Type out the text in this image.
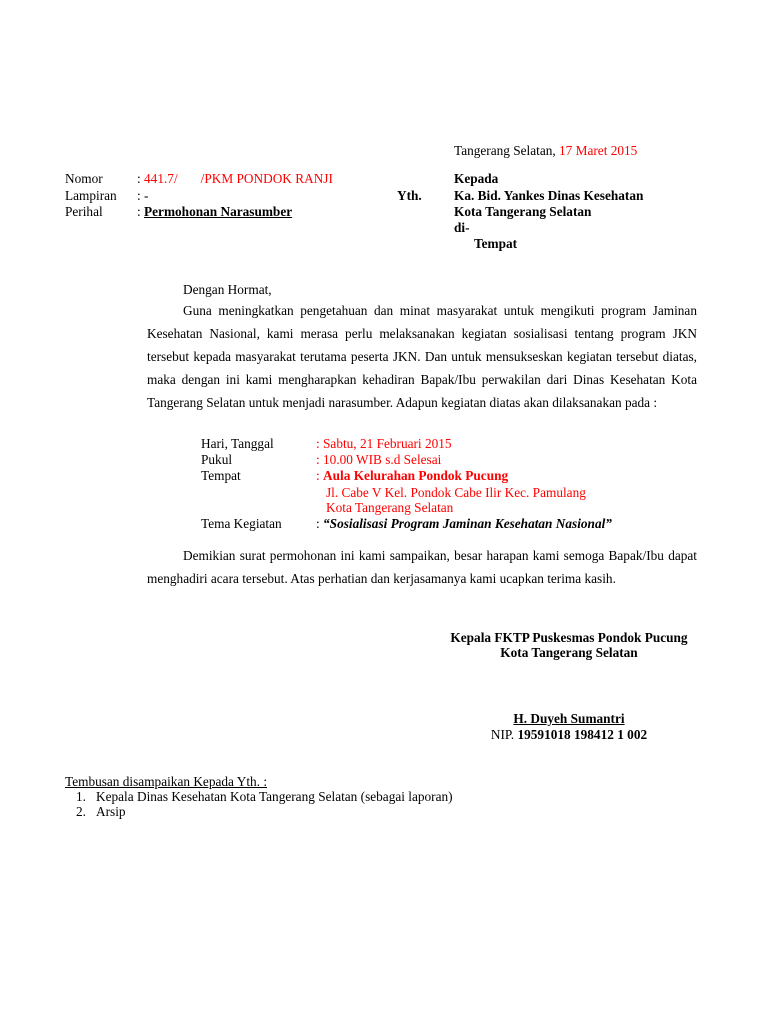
Tangerang Selatan, 17 Maret 2015
Nomor	: 441.7/ /PKM PONDOK RANJI
Lampiran : -
Perihal	: Permohonan Narasumber
Yth.
Kepada
Ka. Bid. Yankes Dinas Kesehatan
Kota Tangerang Selatan
di-
Tempat
Dengan Hormat,

Guna meningkatkan pengetahuan dan minat masyarakat untuk mengikuti program Jaminan Kesehatan Nasional, kami merasa perlu melaksanakan kegiatan sosialisasi tentang program JKN tersebut kepada masyarakat terutama peserta JKN. Dan untuk mensukseskan kegiatan tersebut diatas, maka dengan ini kami mengharapkan kehadiran Bapak/Ibu perwakilan dari Dinas Kesehatan Kota Tangerang Selatan untuk menjadi narasumber. Adapun kegiatan diatas akan dilaksanakan pada :

Hari, Tanggal	: Sabtu, 21 Februari 2015
Pukul	: 10.00 WIB s.d Selesai
Tempat	: Aula Kelurahan Pondok Pucung
Jl. Cabe V Kel. Pondok Cabe Ilir Kec. Pamulang
Kota Tangerang Selatan
Tema Kegiatan	: “Sosialisasi Program Jaminan Kesehatan Nasional”

Demikian surat permohonan ini kami sampaikan, besar harapan kami semoga Bapak/Ibu dapat menghadiri acara tersebut. Atas perhatian dan kerjasamanya kami ucapkan terima kasih.

Kepala FKTP Puskesmas Pondok Pucung
Kota Tangerang Selatan
H. Duyeh Sumantri
NIP. 19591018 198412 1 002
Tembusan disampaikan Kepada Yth. :
1. Kepala Dinas Kesehatan Kota Tangerang Selatan (sebagai laporan)
2. Arsip
